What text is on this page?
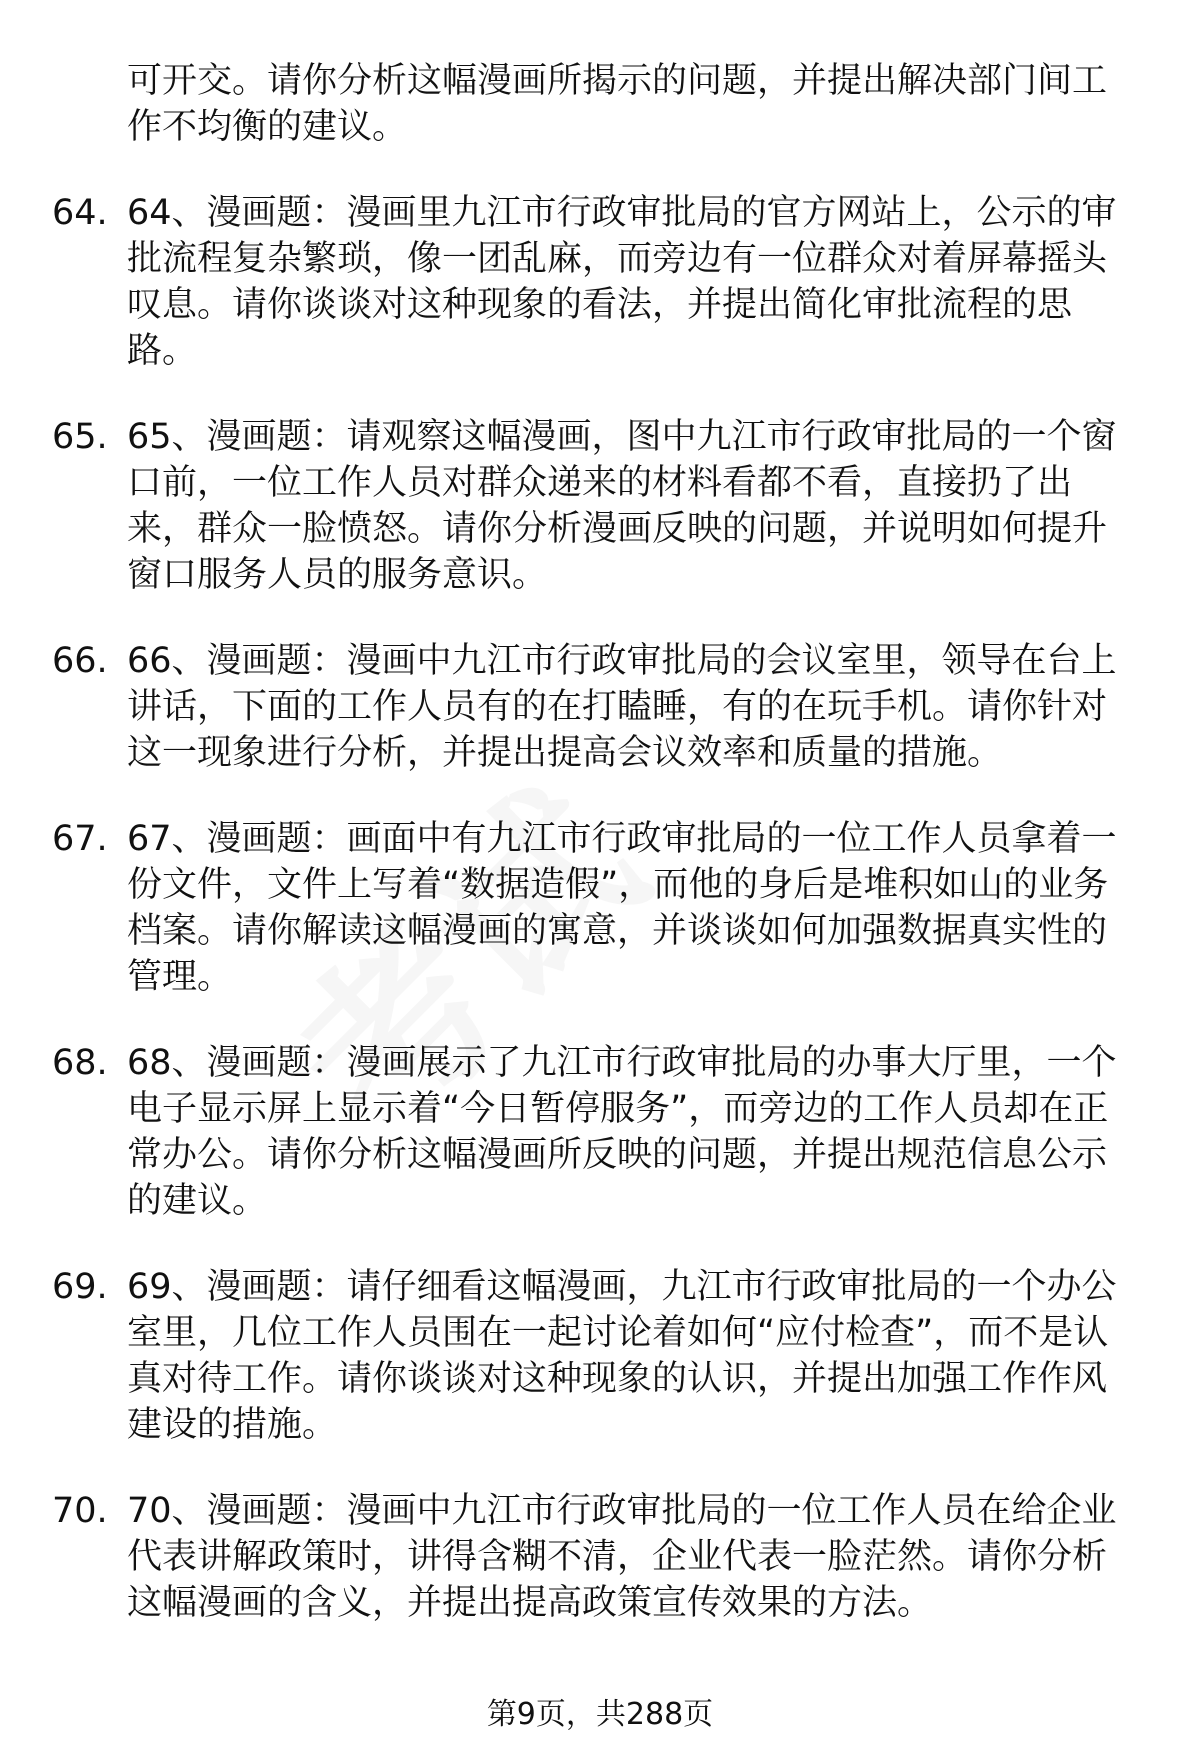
可开交。请你分析这幅漫画所揭示的问题，并提出解决部门间工作不均衡的建议。
64. 64、漫画题：漫画里九江市行政审批局的官方网站上，公示的审批流程复杂繁琐，像一团乱麻，而旁边有一位群众对着屏幕摇头叹息。请你谈谈对这种现象的看法，并提出简化审批流程的思路。
65. 65、漫画题：请观察这幅漫画，图中九江市行政审批局的一个窗口前，一位工作人员对群众递来的材料看都不看，直接扔了出来，群众一脸愤怒。请你分析漫画反映的问题，并说明如何提升窗口服务人员的服务意识。
66. 66、漫画题：漫画中九江市行政审批局的会议室里，领导在台上讲话，下面的工作人员有的在打瞌睡，有的在玩手机。请你针对这一现象进行分析，并提出提高会议效率和质量的措施。
67. 67、漫画题：画面中有九江市行政审批局的一位工作人员拿着一份文件，文件上写着“数据造假”，而他的身后是堆积如山的业务档案。请你解读这幅漫画的寓意，并谈谈如何加强数据真实性的管理。
68. 68、漫画题：漫画展示了九江市行政审批局的办事大厅里，一个电子显示屏上显示着“今日暂停服务”，而旁边的工作人员却在正常办公。请你分析这幅漫画所反映的问题，并提出规范信息公示的建议。
69. 69、漫画题：请仔细看这幅漫画，九江市行政审批局的一个办公室里，几位工作人员围在一起讨论着如何“应付检查”，而不是认真对待工作。请你谈谈对这种现象的认识，并提出加强工作作风建设的措施。
70. 70、漫画题：漫画中九江市行政审批局的一位工作人员在给企业代表讲解政策时，讲得含糊不清，企业代表一脸茫然。请你分析这幅漫画的含义，并提出提高政策宣传效果的方法。
第9页，共288页
